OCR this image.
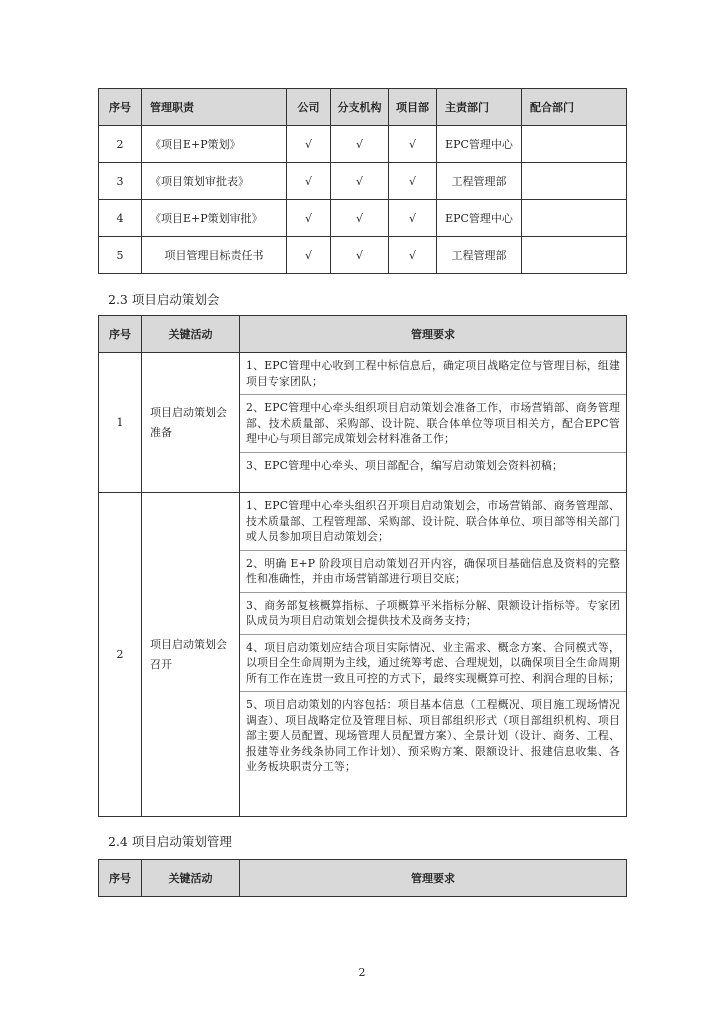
序号	管理职责	公司	分支机构	项目部	主责部门	配合部门
2	《项目E+P策划》	√	√	√	EPC管理中心	
3	《项目策划审批表》	√	√	√	工程管理部	
4	《项目E+P策划审批》	√	√	√	EPC管理中心	
5	项目管理目标责任书	√	√	√	工程管理部	
2.3 项目启动策划会
序号	关键活动	管理要求
1	项目启动策划会准备	1、EPC管理中心收到工程中标信息后，确定项目战略定位与管理目标，组建项目专家团队；

2、EPC管理中心牵头组织项目启动策划会准备工作，市场营销部、商务管理部、技术质量部、采购部、设计院、联合体单位等项目相关方，配合EPC管理中心与项目部完成策划会材料准备工作；

3、EPC管理中心牵头、项目部配合，编写启动策划会资料初稿；

2	项目启动策划会召开	1、EPC管理中心牵头组织召开项目启动策划会，市场营销部、商务管理部、技术质量部、工程管理部、采购部、设计院、联合体单位、项目部等相关部门或人员参加项目启动策划会；

2、明确 E+P 阶段项目启动策划召开内容，确保项目基础信息及资料的完整性和准确性，并由市场营销部进行项目交底；

3、商务部复核概算指标、子项概算平米指标分解、限额设计指标等。专家团队成员为项目启动策划会提供技术及商务支持；

4、项目启动策划应结合项目实际情况、业主需求、概念方案、合同模式等，以项目全生命周期为主线，通过统筹考虑、合理规划，以确保项目全生命周期所有工作在连贯一致且可控的方式下，最终实现概算可控、利润合理的目标；

5、项目启动策划的内容包括：项目基本信息（工程概况、项目施工现场情况调查）、项目战略定位及管理目标、项目部组织形式（项目部组织机构、项目部主要人员配置、现场管理人员配置方案）、全景计划（设计、商务、工程、报建等业务线条协同工作计划）、预采购方案、限额设计、报建信息收集、各业务板块职责分工等；

2.4 项目启动策划管理
序号	关键活动	管理要求
2
